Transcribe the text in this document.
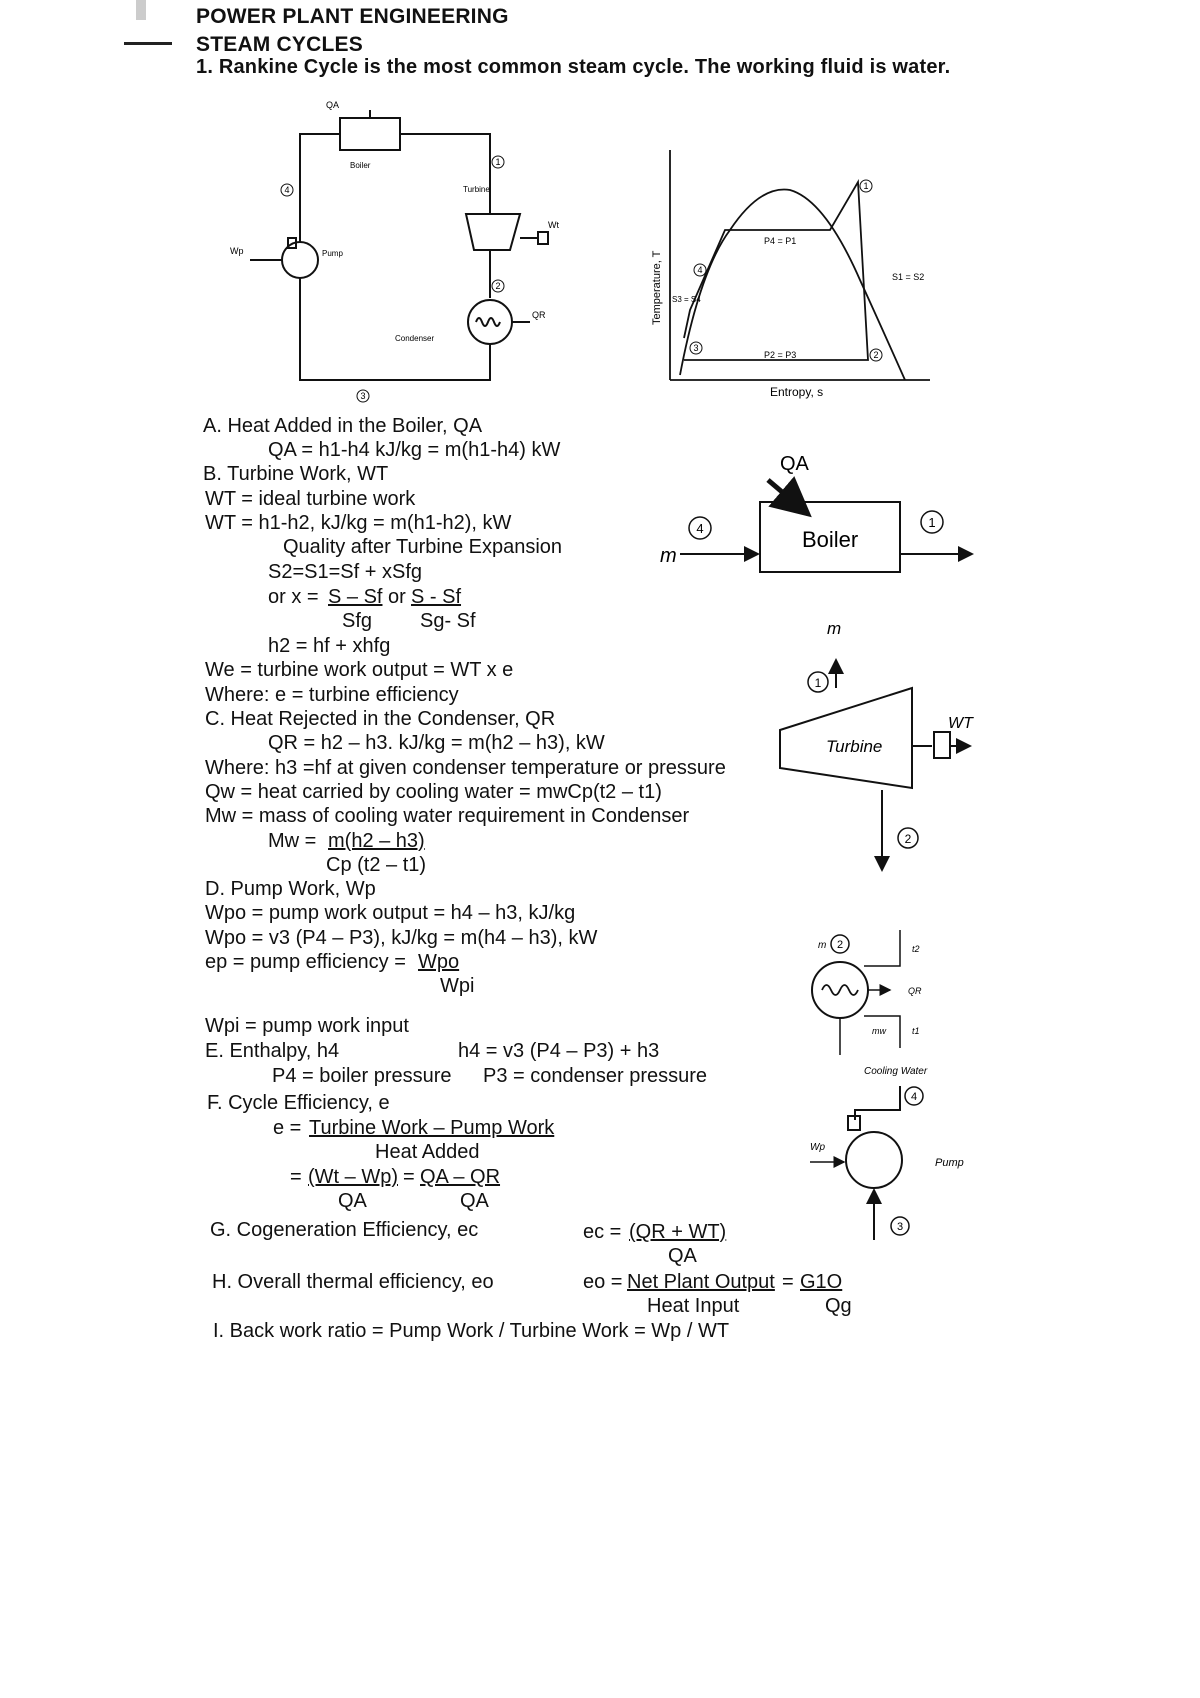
POWER PLANT ENGINEERING
STEAM CYCLES
1. Rankine Cycle is the most common steam cycle. The working fluid is water.
Boiler
Turbine
Pump
Condenser
QA
Wp
Wt
QR
1
2
3
4
Temperature, T
Entropy, s
P4 = P1
P2 = P3
S1 = S2
S3 = S4
1
2
3
4
A. Heat Added in the Boiler, QA
QA = h1-h4 kJ/kg = m(h1-h4) kW
B. Turbine Work, WT
WT = ideal turbine work
WT = h1-h2, kJ/kg = m(h1-h2), kW
Quality after Turbine Expansion
S2=S1=Sf + xSfg
or x = S – Sf
Sfg
or S - Sf
Sg- Sf
h2 = hf + xhfg
We = turbine work output = WT x e
Where: e = turbine efficiency
C. Heat Rejected in the Condenser, QR
QR = h2 – h3. kJ/kg = m(h2 – h3), kW
Where: h3 =hf at given condenser temperature or pressure
Qw = heat carried by cooling water = mwCp(t2 – t1)
Mw = mass of cooling water requirement in Condenser
Mw = m(h2 – h3)
Cp (t2 – t1)
D. Pump Work, Wp
Wpo = pump work output = h4 – h3, kJ/kg
Wpo = v3 (P4 – P3), kJ/kg = m(h4 – h3), kW
ep = pump efficiency = Wpo
Wpi
Wpi = pump work input
E. Enthalpy, h4	h4 = v3 (P4 – P3) + h3
P4 = boiler pressure P3 = condenser pressure
F. Cycle Efficiency, e
e = Turbine Work – Pump Work
Heat Added
= (Wt – Wp) = QA – QR
QA	QA
G. Cogeneration Efficiency, ec	ec = (QR + WT)
QA
H. Overall thermal efficiency, eo	eo = Net Plant Output
Heat Input
= G1O
Qg
I. Back work ratio = Pump Work / Turbine Work = Wp / WT
QA
m
4	Boiler
1
m
1
Turbine
WT
2
m 2	t2
QR
mw	t1
Cooling Water
4
Wp
Pump
3
